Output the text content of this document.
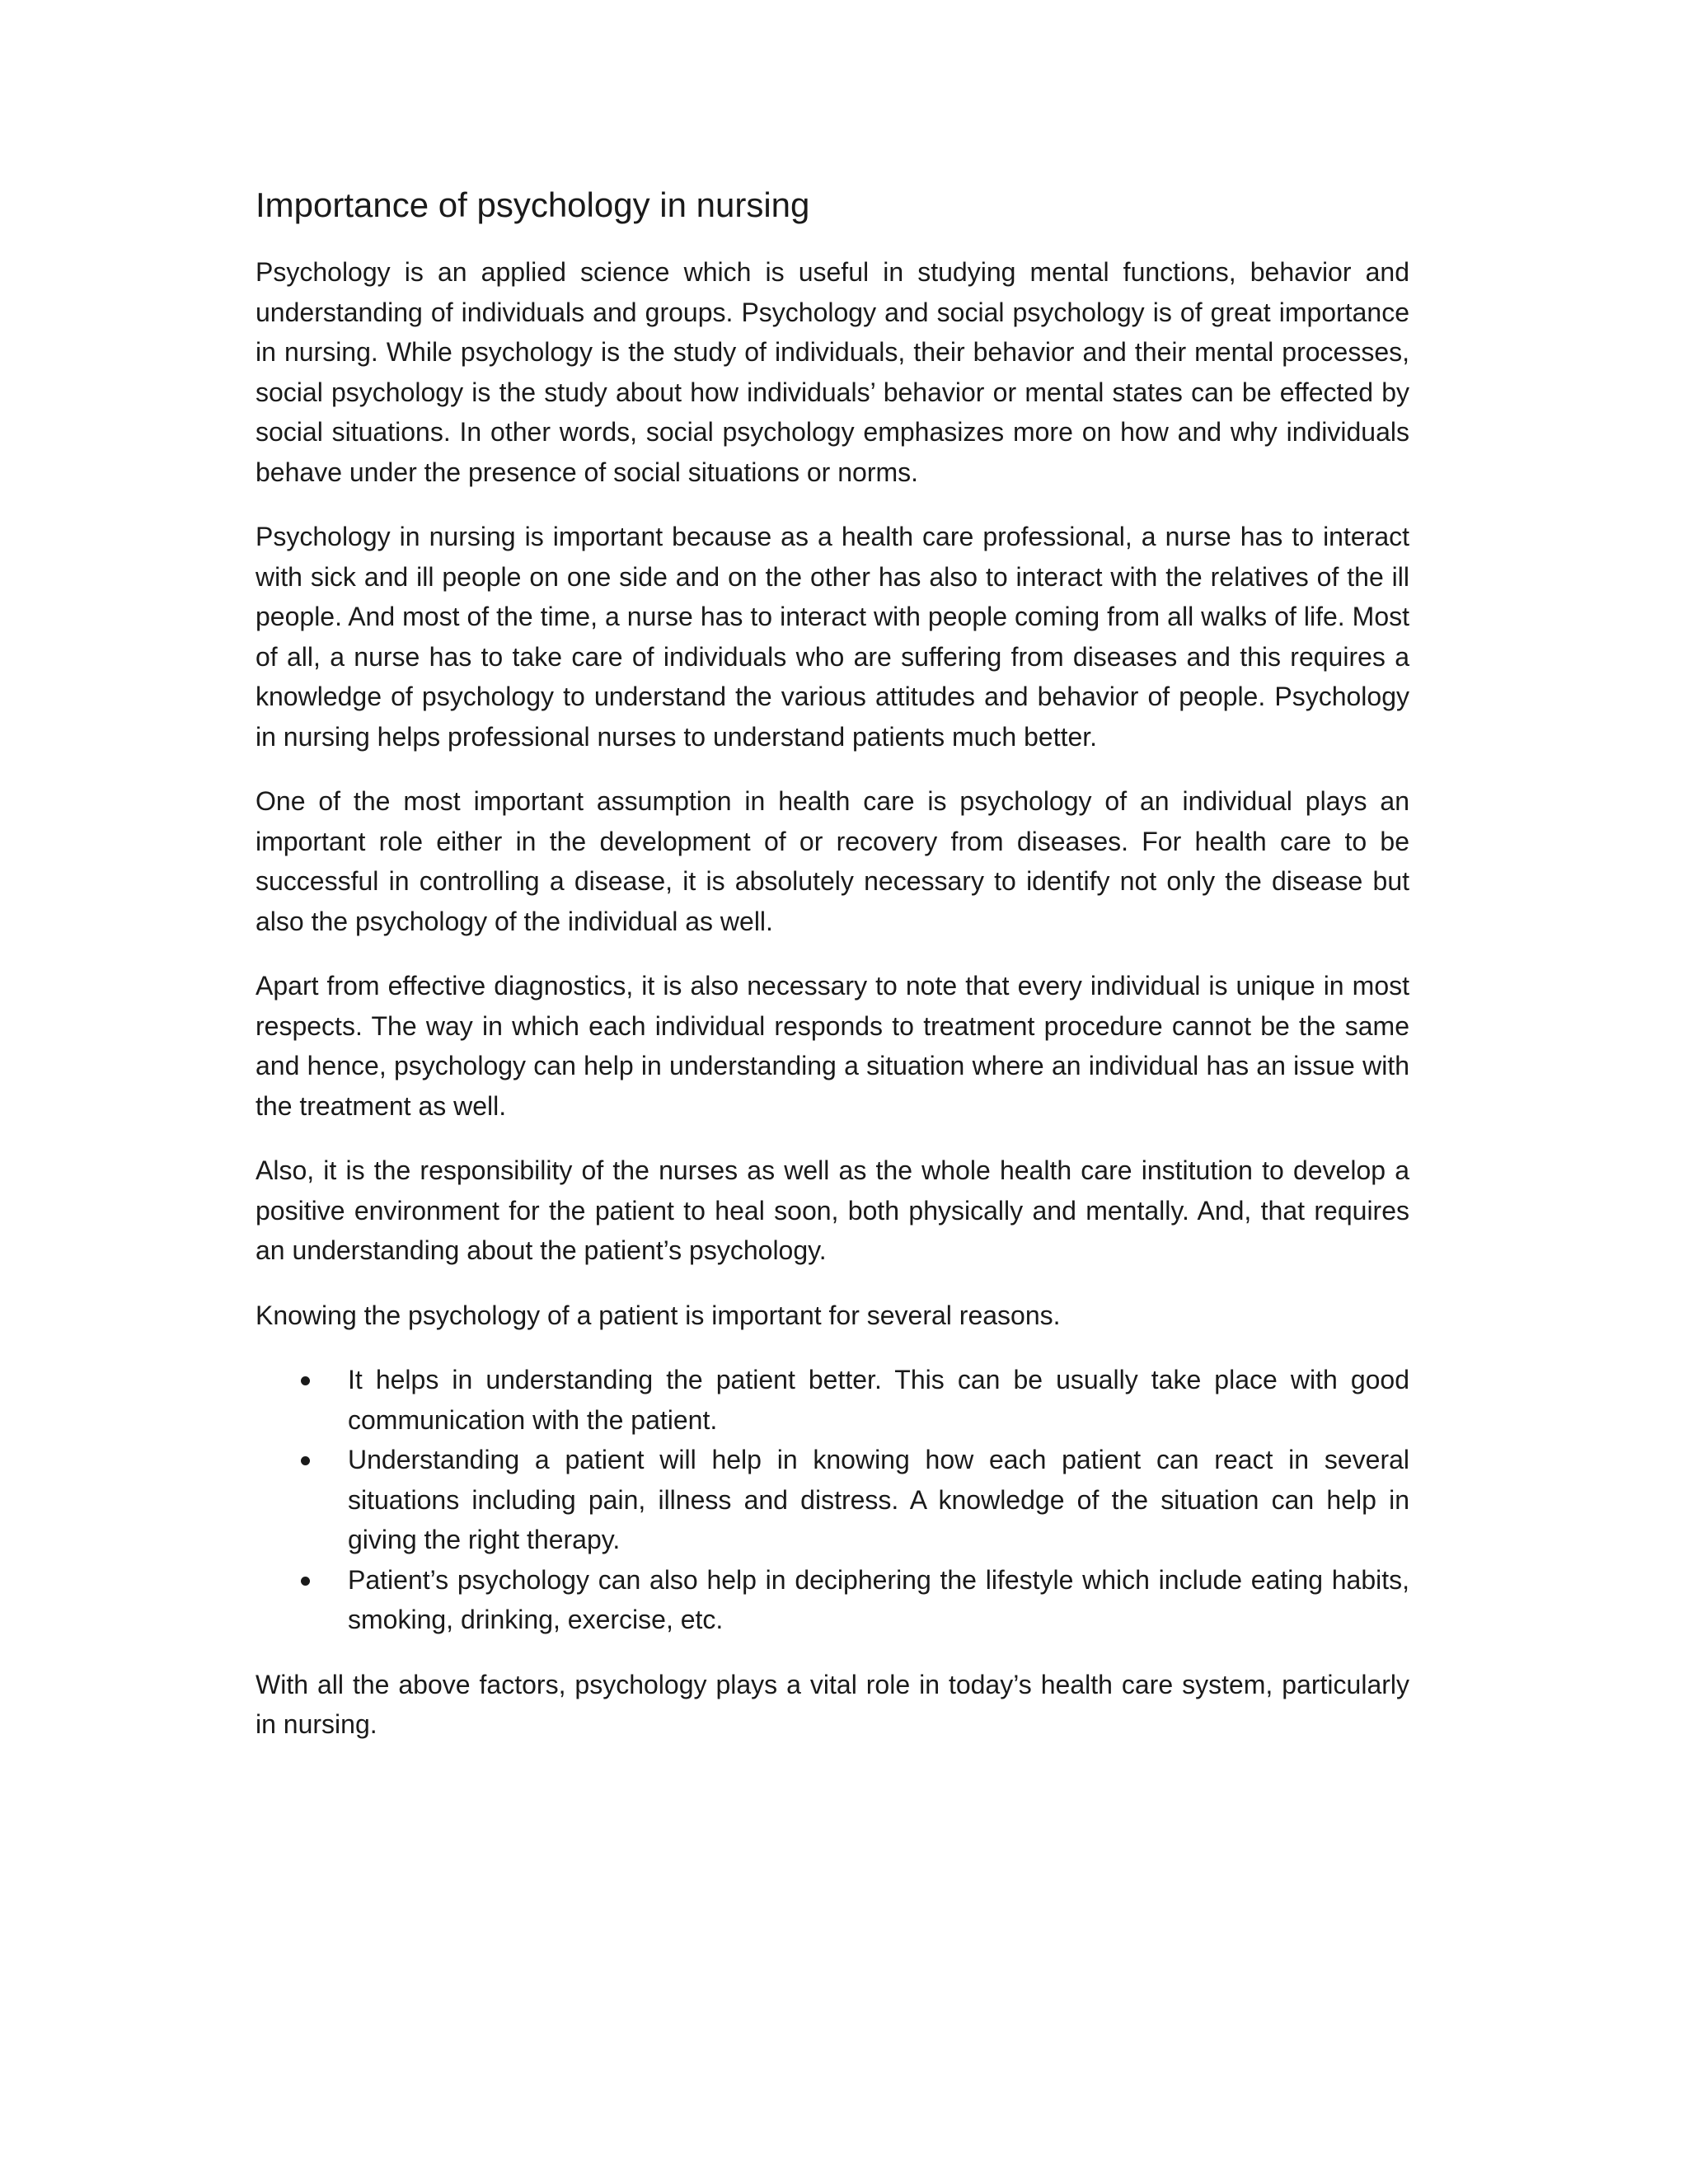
Importance of psychology in nursing

Psychology is an applied science which is useful in studying mental functions, behavior and understanding of individuals and groups. Psychology and social psychology is of great importance in nursing. While psychology is the study of individuals, their behavior and their mental processes, social psychology is the study about how individuals’ behavior or mental states can be effected by social situations. In other words, social psychology emphasizes more on how and why individuals behave under the presence of social situations or norms.

Psychology in nursing is important because as a health care professional, a nurse has to interact with sick and ill people on one side and on the other has also to interact with the relatives of the ill people. And most of the time, a nurse has to interact with people coming from all walks of life. Most of all, a nurse has to take care of individuals who are suffering from diseases and this requires a knowledge of psychology to understand the various attitudes and behavior of people. Psychology in nursing helps professional nurses to understand patients much better.

One of the most important assumption in health care is psychology of an individual plays an important role either in the development of or recovery from diseases. For health care to be successful in controlling a disease, it is absolutely necessary to identify not only the disease but also the psychology of the individual as well.

Apart from effective diagnostics, it is also necessary to note that every individual is unique in most respects. The way in which each individual responds to treatment procedure cannot be the same and hence, psychology can help in understanding a situation where an individual has an issue with the treatment as well.

Also, it is the responsibility of the nurses as well as the whole health care institution to develop a positive environment for the patient to heal soon, both physically and mentally. And, that requires an understanding about the patient’s psychology.

Knowing the psychology of a patient is important for several reasons.

It helps in understanding the patient better. This can be usually take place with good communication with the patient.
Understanding a patient will help in knowing how each patient can react in several situations including pain, illness and distress. A knowledge of the situation can help in giving the right therapy.
Patient’s psychology can also help in deciphering the lifestyle which include eating habits, smoking, drinking, exercise, etc.

With all the above factors, psychology plays a vital role in today’s health care system, particularly in nursing.
